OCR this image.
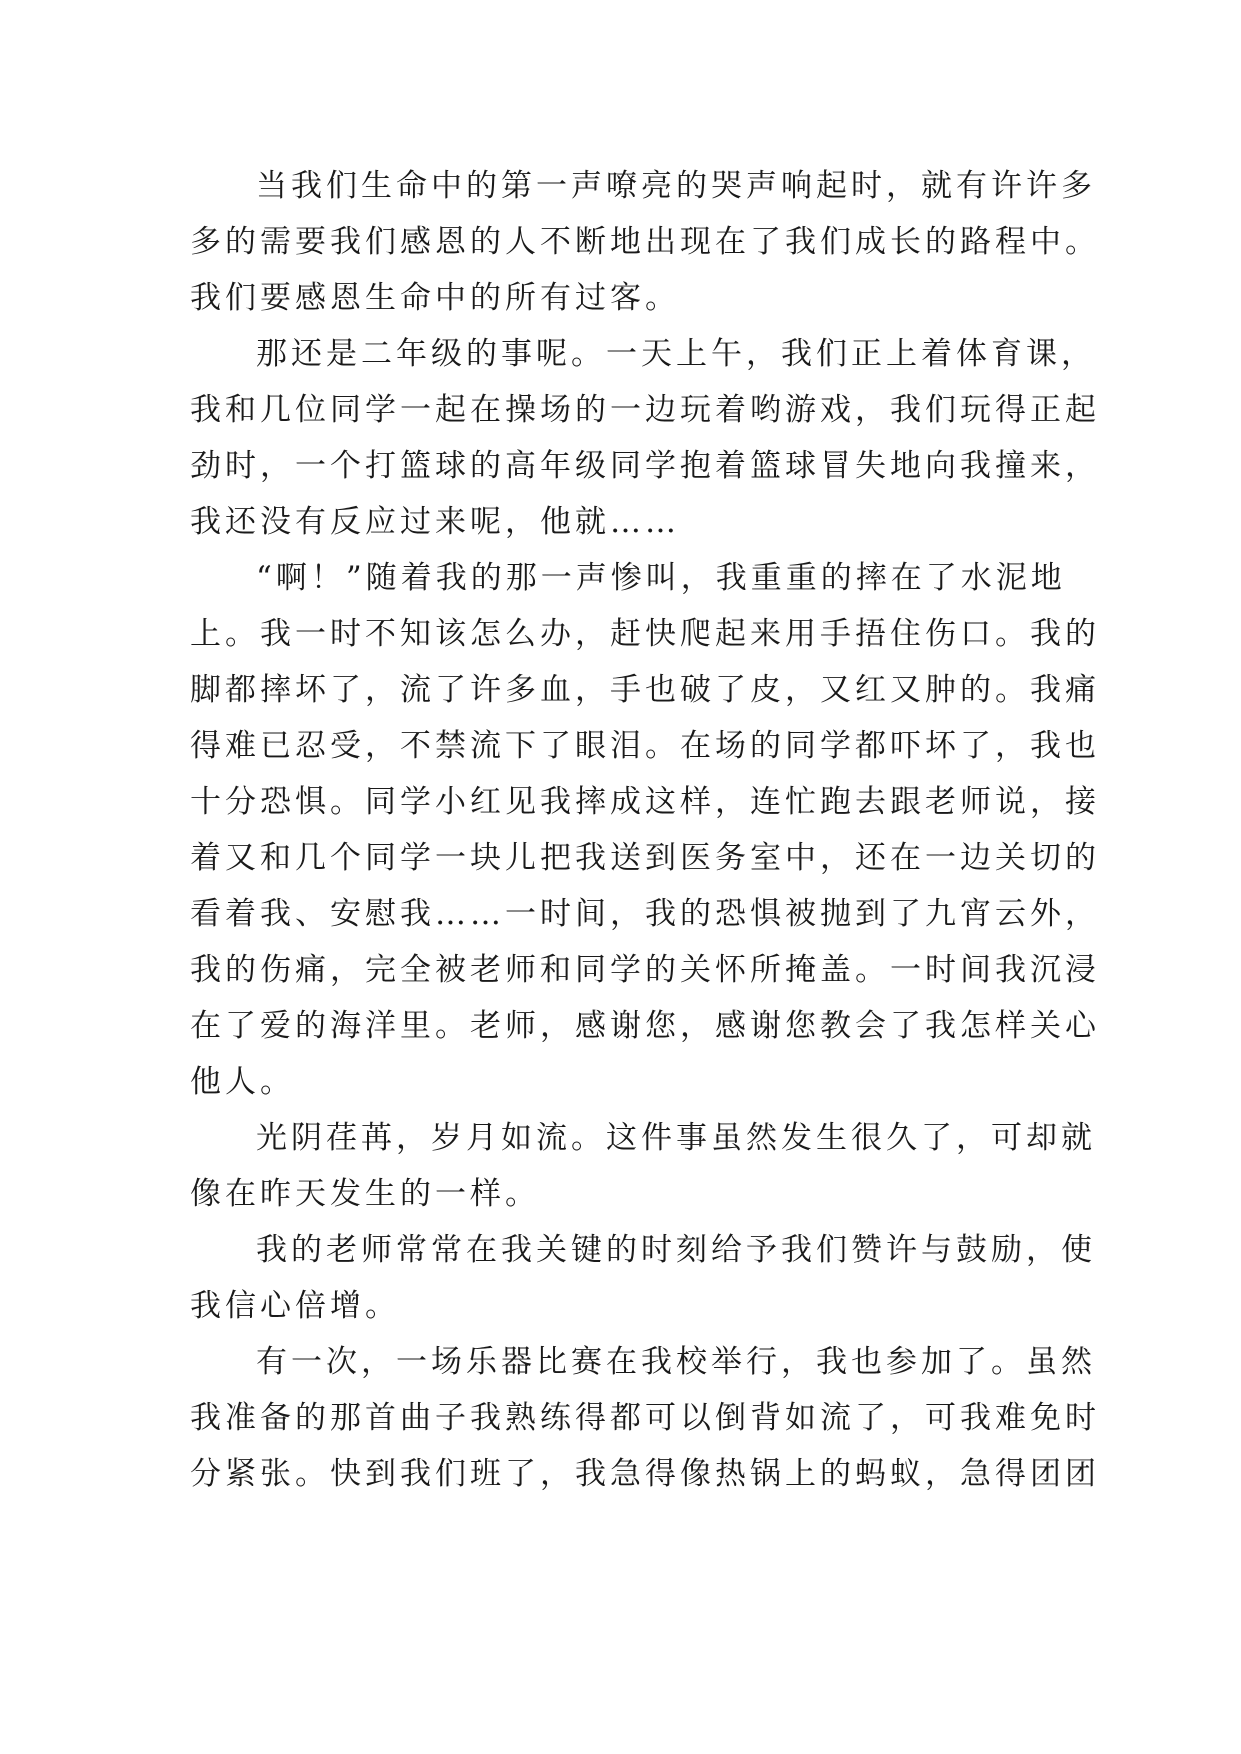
当我们生命中的第一声嘹亮的哭声响起时，就有许许多
多的需要我们感恩的人不断地出现在了我们成长的路程中。
我们要感恩生命中的所有过客。
那还是二年级的事呢。一天上午，我们正上着体育课，
我和几位同学一起在操场的一边玩着哟游戏，我们玩得正起
劲时，一个打篮球的高年级同学抱着篮球冒失地向我撞来，
我还没有反应过来呢，他就……
“啊！”随着我的那一声惨叫，我重重的摔在了水泥地
上。我一时不知该怎么办，赶快爬起来用手捂住伤口。我的
脚都摔坏了，流了许多血，手也破了皮，又红又肿的。我痛
得难已忍受，不禁流下了眼泪。在场的同学都吓坏了，我也
十分恐惧。同学小红见我摔成这样，连忙跑去跟老师说，接
着又和几个同学一块儿把我送到医务室中，还在一边关切的
看着我、安慰我……一时间，我的恐惧被抛到了九宵云外，
我的伤痛，完全被老师和同学的关怀所掩盖。一时间我沉浸
在了爱的海洋里。老师，感谢您，感谢您教会了我怎样关心
他人。
光阴荏苒，岁月如流。这件事虽然发生很久了，可却就
像在昨天发生的一样。
我的老师常常在我关键的时刻给予我们赞许与鼓励，使
我信心倍增。
有一次，一场乐器比赛在我校举行，我也参加了。虽然
我准备的那首曲子我熟练得都可以倒背如流了，可我难免时
分紧张。快到我们班了，我急得像热锅上的蚂蚁，急得团团
